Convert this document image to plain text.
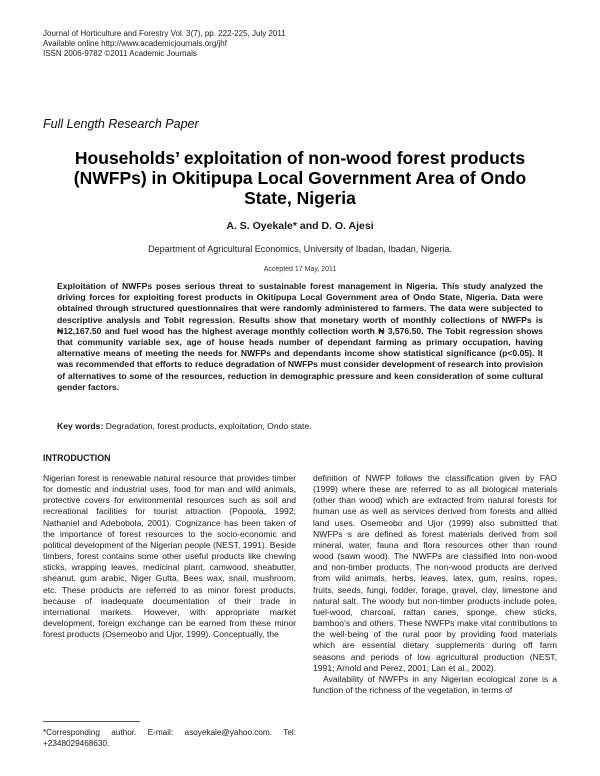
Journal of Horticulture and Forestry Vol. 3(7), pp. 222-225, July 2011
Available online http://www.academicjournals.org/jhf
ISSN 2006-9782 ©2011 Academic Journals
Full Length Research Paper
Households’ exploitation of non-wood forest products (NWFPs) in Okitipupa Local Government Area of Ondo State, Nigeria
A. S. Oyekale* and D. O. Ajesi
Department of Agricultural Economics, University of Ibadan, Ibadan, Nigeria.
Accepted 17 May, 2011
Exploitation of NWFPs poses serious threat to sustainable forest management in Nigeria. This study analyzed the driving forces for exploiting forest products in Okitipupa Local Government area of Ondo State, Nigeria. Data were obtained through structured questionnaires that were randomly administered to farmers. The data were subjected to descriptive analysis and Tobit regression. Results show that monetary worth of monthly collections of NWFPs is ₦12,167.50 and fuel wood has the highest average monthly collection worth ₦ 3,576.50. The Tobit regression shows that community variable sex, age of house heads number of dependant farming as primary occupation, having alternative means of meeting the needs for NWFPs and dependants income show statistical significance (p<0.05). It was recommended that efforts to reduce degradation of NWFPs must consider development of research into provision of alternatives to some of the resources, reduction in demographic pressure and keen consideration of some cultural gender factors.
Key words: Degradation, forest products, exploitation, Ondo state.
INTRODUCTION

Nigerian forest is renewable natural resource that provides timber for domestic and industrial uses, food for man and wild animals, protective covers for environmental resources such as soil and recreational facilities for tourist attraction (Popoola, 1992; Nathaniel and Adebobola, 2001). Cognizance has been taken of the importance of forest resources to the socio-economic and political development of the Nigerian people (NEST, 1991). Beside timbers, forest contains some other useful products like chewing sticks, wrapping leaves, medicinal plant, camwood, sheabutter, sheanut, gum arabic, Niger Gutta, Bees wax, snail, mushroom, etc. These products are referred to as minor forest products, because of inadequate documentation of their trade in international markets. However, with appropriate market development, foreign exchange can be earned from these minor forest products (Osemeobo and Ujor, 1999). Conceptually, the

*Corresponding author. E-mail: asoyekale@yahoo.com. Tel: +2348029468630.

definition of NWFP follows the classification given by FAO (1999) where these are referred to as all biological materials (other than wood) which are extracted from natural forests for human use as well as services derived from forests and allied land uses. Osemeobo and Ujor (1999) also submitted that NWFPs s are defined as forest materials derived from soil mineral, water, fauna and flora resources other than round wood (sawn wood). The NWFPs are classified into non-wood and non-timber products. The non-wood products are derived from wild animals, herbs, leaves, latex, gum, resins, ropes, fruits, seeds, fungi, fodder, forage, gravel, clay, limestone and natural salt. The woody but non-timber products include poles, fuel-wood, charcoal, rattan canes, sponge, chew sticks, bamboo's and others. These NWFPs make vital contributions to the well-being of the rural poor by providing food materials which are essential dietary supplements during off farm seasons and periods of low agricultural production (NEST, 1991; Arnold and Perez, 2001; Lan et al., 2002).

Availability of NWFPs in any Nigerian ecological zone is a function of the richness of the vegetation, in terms of
